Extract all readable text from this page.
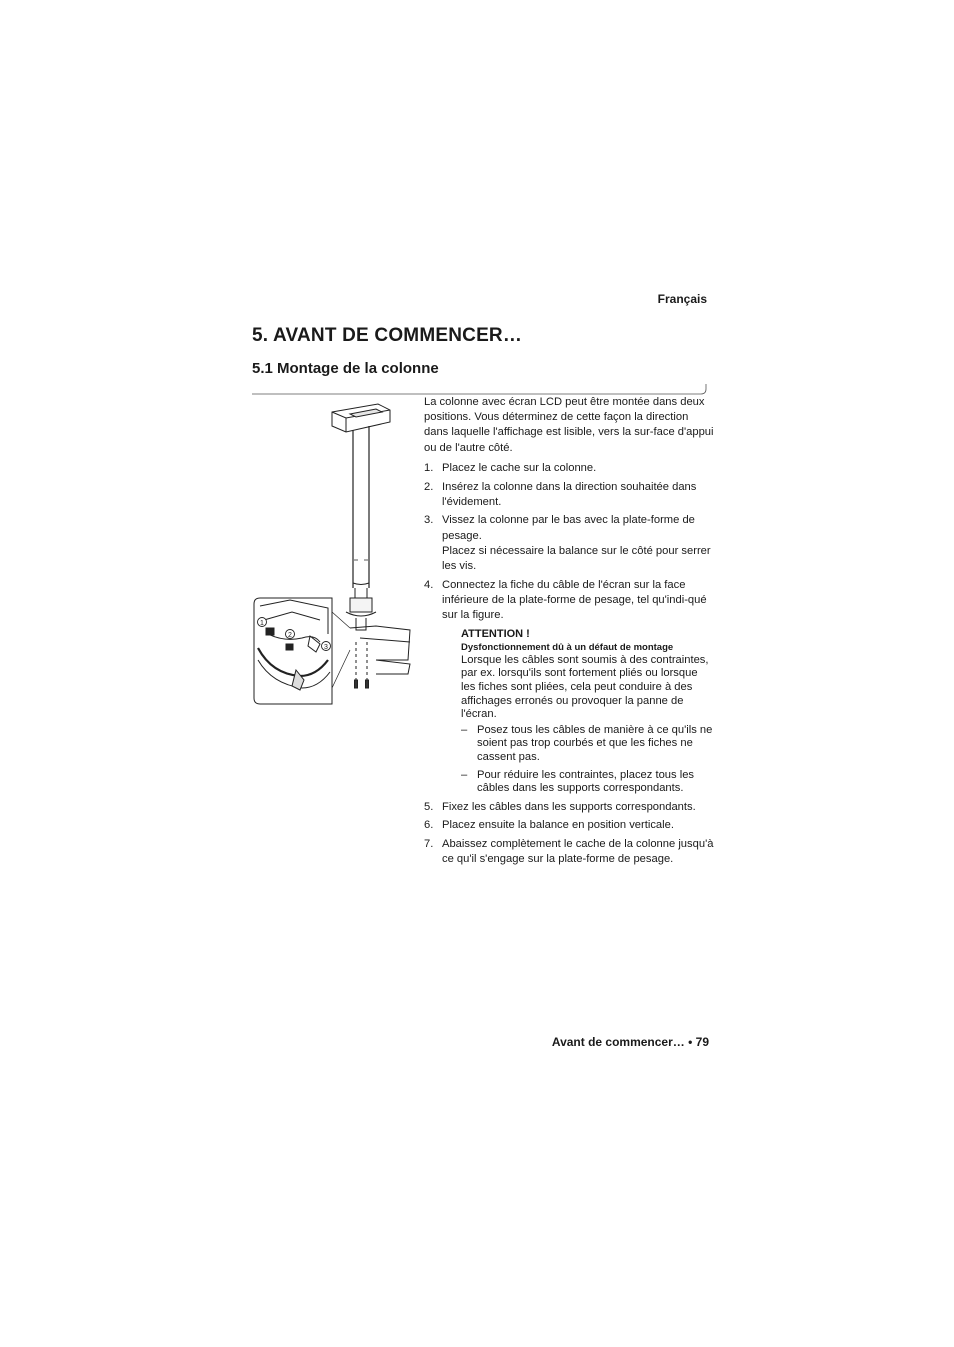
Français
5. AVANT DE COMMENCER…
5.1 Montage de la colonne
1
2
3

La colonne avec écran LCD peut être montée dans deux positions. Vous déterminez de cette façon la direction dans laquelle l'affichage est lisible, vers la sur-face d'appui ou de l'autre côté.

1. Placez le cache sur la colonne.
2. Insérez la colonne dans la direction souhaitée dans l'évidement.
3. Vissez la colonne par le bas avec la plate-forme de pesage.
Placez si nécessaire la balance sur le côté pour serrer les vis.
4. Connectez la fiche du câble de l'écran sur la face inférieure de la plate-forme de pesage, tel qu'indi-qué sur la figure.
ATTENTION !
Dysfonctionnement dû à un défaut de montage
Lorsque les câbles sont soumis à des contraintes, par ex. lorsqu'ils sont fortement pliés ou lorsque les fiches sont pliées, cela peut conduire à des affichages erronés ou provoquer la panne de l'écran.
– Posez tous les câbles de manière à ce qu'ils ne soient pas trop courbés et que les fiches ne cassent pas.
– Pour réduire les contraintes, placez tous les câbles dans les supports correspondants.
5. Fixez les câbles dans les supports correspondants.
6. Placez ensuite la balance en position verticale.
7. Abaissez complètement le cache de la colonne jusqu'à ce qu'il s'engage sur la plate-forme de pesage.
Avant de commencer… • 79
